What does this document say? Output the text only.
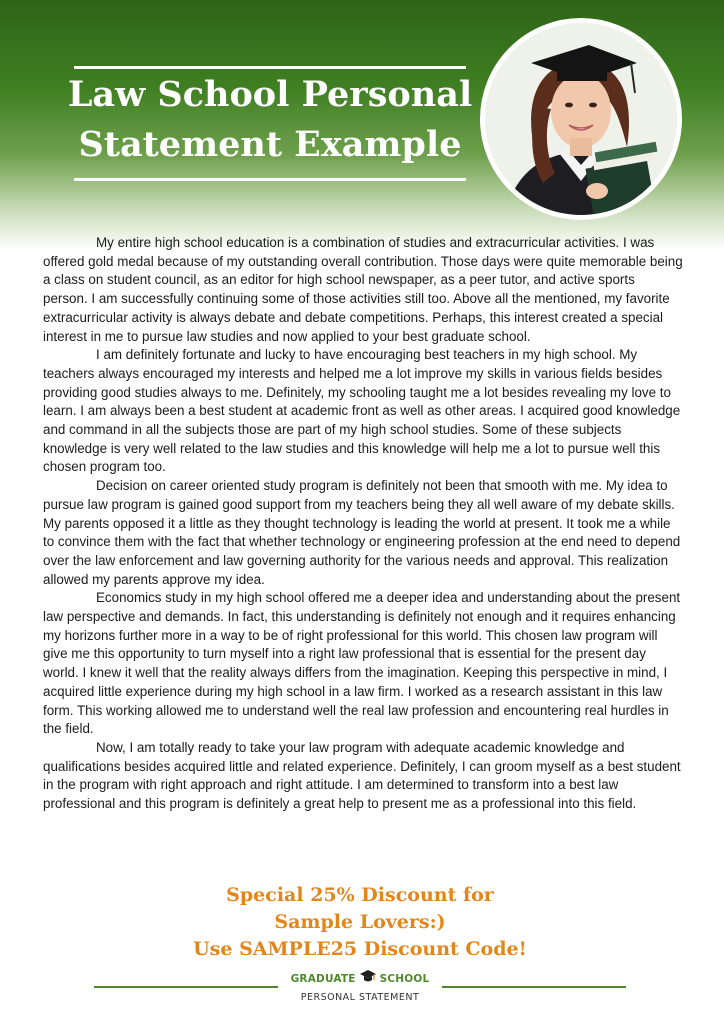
Law School Personal
Statement Example

My entire high school education is a combination of studies and extracurricular activities. I was offered gold medal because of my outstanding overall contribution. Those days were quite memorable being a class on student council, as an editor for high school newspaper, as a peer tutor, and active sports person. I am successfully continuing some of those activities still too. Above all the mentioned, my favorite extracurricular activity is always debate and debate competitions. Perhaps, this interest created a special interest in me to pursue law studies and now applied to your best graduate school.

I am definitely fortunate and lucky to have encouraging best teachers in my high school. My teachers always encouraged my interests and helped me a lot improve my skills in various fields besides providing good studies always to me. Definitely, my schooling taught me a lot besides revealing my love to learn. I am always been a best student at academic front as well as other areas. I acquired good knowledge and command in all the subjects those are part of my high school studies. Some of these subjects knowledge is very well related to the law studies and this knowledge will help me a lot to pursue well this chosen program too.

Decision on career oriented study program is definitely not been that smooth with me. My idea to pursue law program is gained good support from my teachers being they all well aware of my debate skills. My parents opposed it a little as they thought technology is leading the world at present. It took me a while to convince them with the fact that whether technology or engineering profession at the end need to depend over the law enforcement and law governing authority for the various needs and approval. This realization allowed my parents approve my idea.

Economics study in my high school offered me a deeper idea and understanding about the present law perspective and demands. In fact, this understanding is definitely not enough and it requires enhancing my horizons further more in a way to be of right professional for this world. This chosen law program will give me this opportunity to turn myself into a right law professional that is essential for the present day world. I knew it well that the reality always differs from the imagination. Keeping this perspective in mind, I acquired little experience during my high school in a law firm. I worked as a research assistant in this law form. This working allowed me to understand well the real law profession and encountering real hurdles in the field.

Now, I am totally ready to take your law program with adequate academic knowledge and qualifications besides acquired little and related experience. Definitely, I can groom myself as a best student in the program with right approach and right attitude. I am determined to transform into a best law professional and this program is definitely a great help to present me as a professional into this field.

Special 25% Discount for
Sample Lovers:)
Use SAMPLE25 Discount Code!
GRADUATE SCHOOL
PERSONAL STATEMENT
